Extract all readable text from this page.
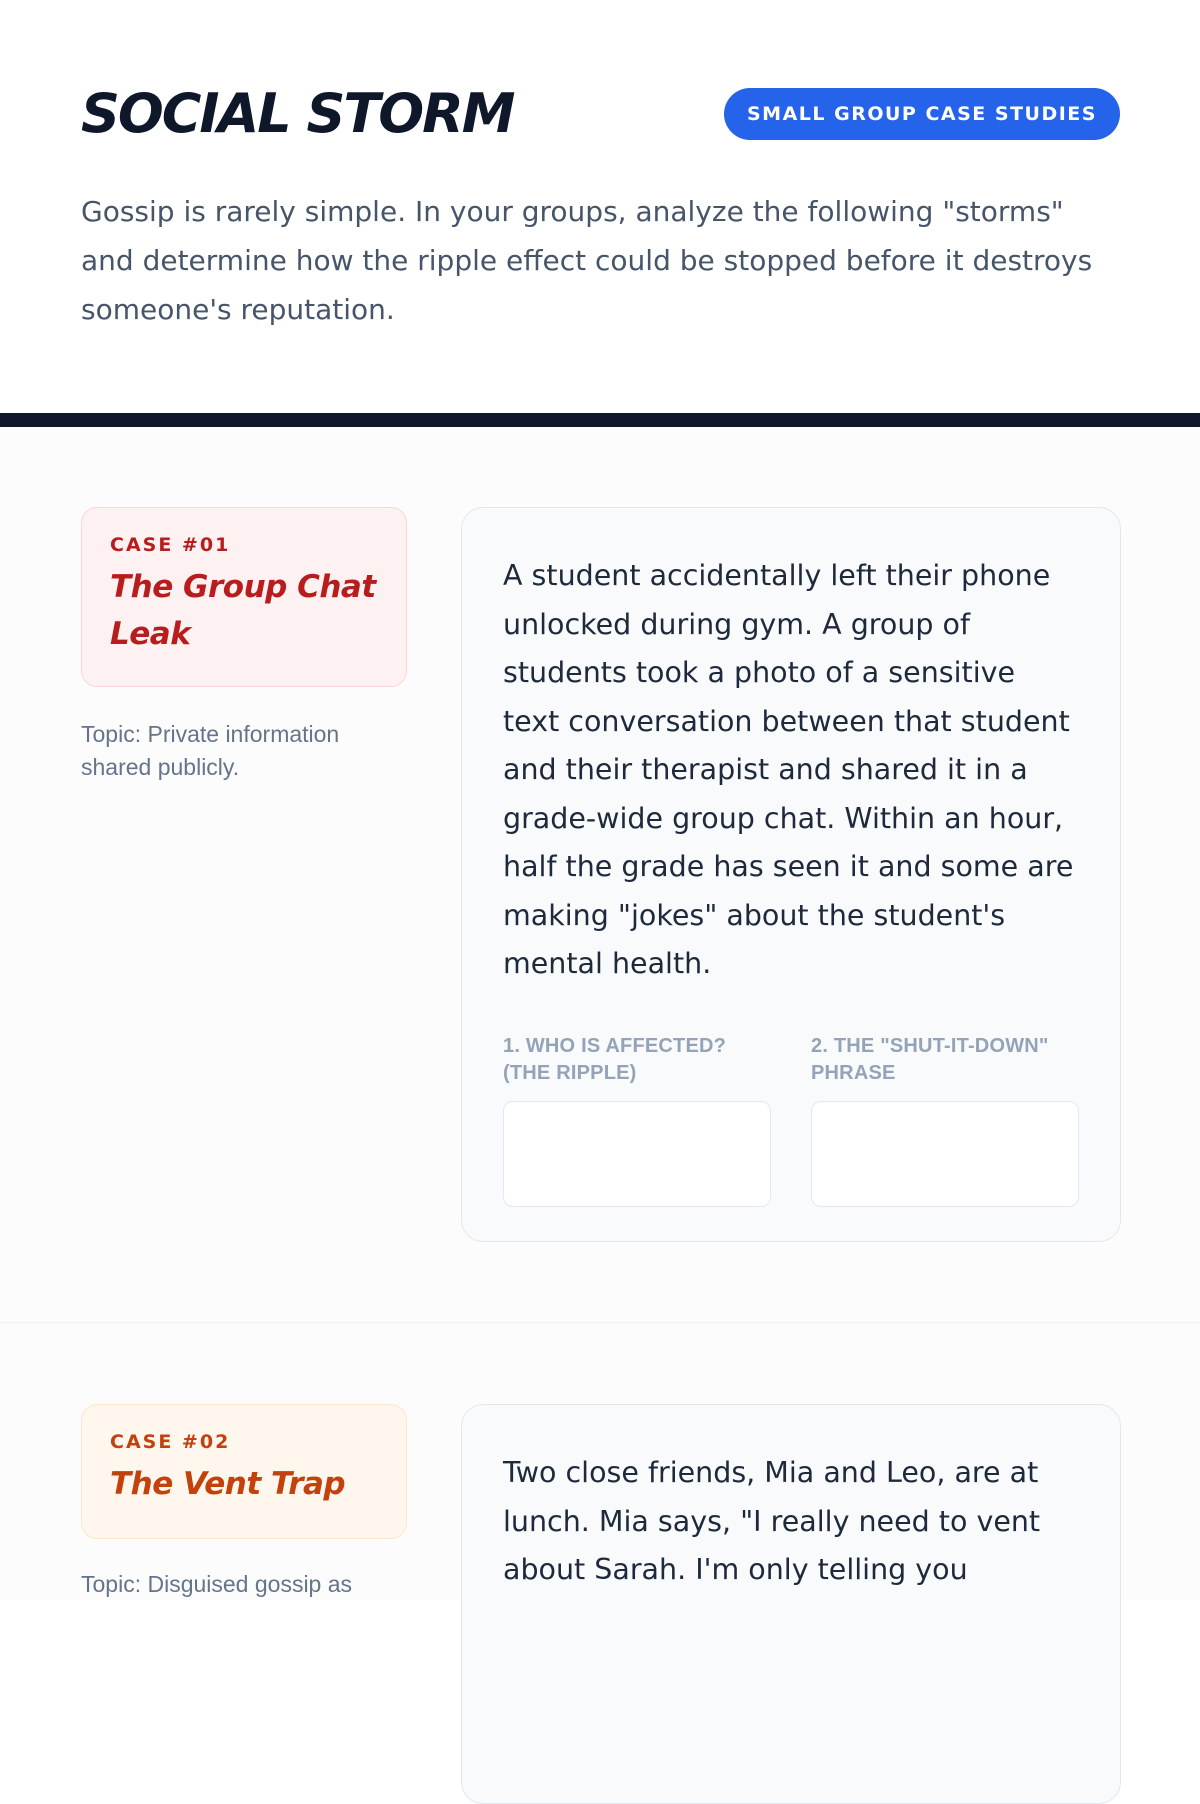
SOCIAL STORM	SMALL GROUP CASE STUDIES

Gossip is rarely simple. In your groups, analyze the following "storms" and determine how the ripple effect could be stopped before it destroys someone's reputation.

CASE #01
The Group Chat Leak
Topic: Private information shared publicly.

A student accidentally left their phone unlocked during gym. A group of students took a photo of a sensitive text conversation between that student and their therapist and shared it in a grade-wide group chat. Within an hour, half the grade has seen it and some are making "jokes" about the student's mental health.

1. WHO IS AFFECTED? (THE RIPPLE)
2. THE "SHUT-IT-DOWN" PHRASE
CASE #02
The Vent Trap
Topic: Disguised gossip as

Two close friends, Mia and Leo, are at lunch. Mia says, "I really need to vent about Sarah. I'm only telling you
